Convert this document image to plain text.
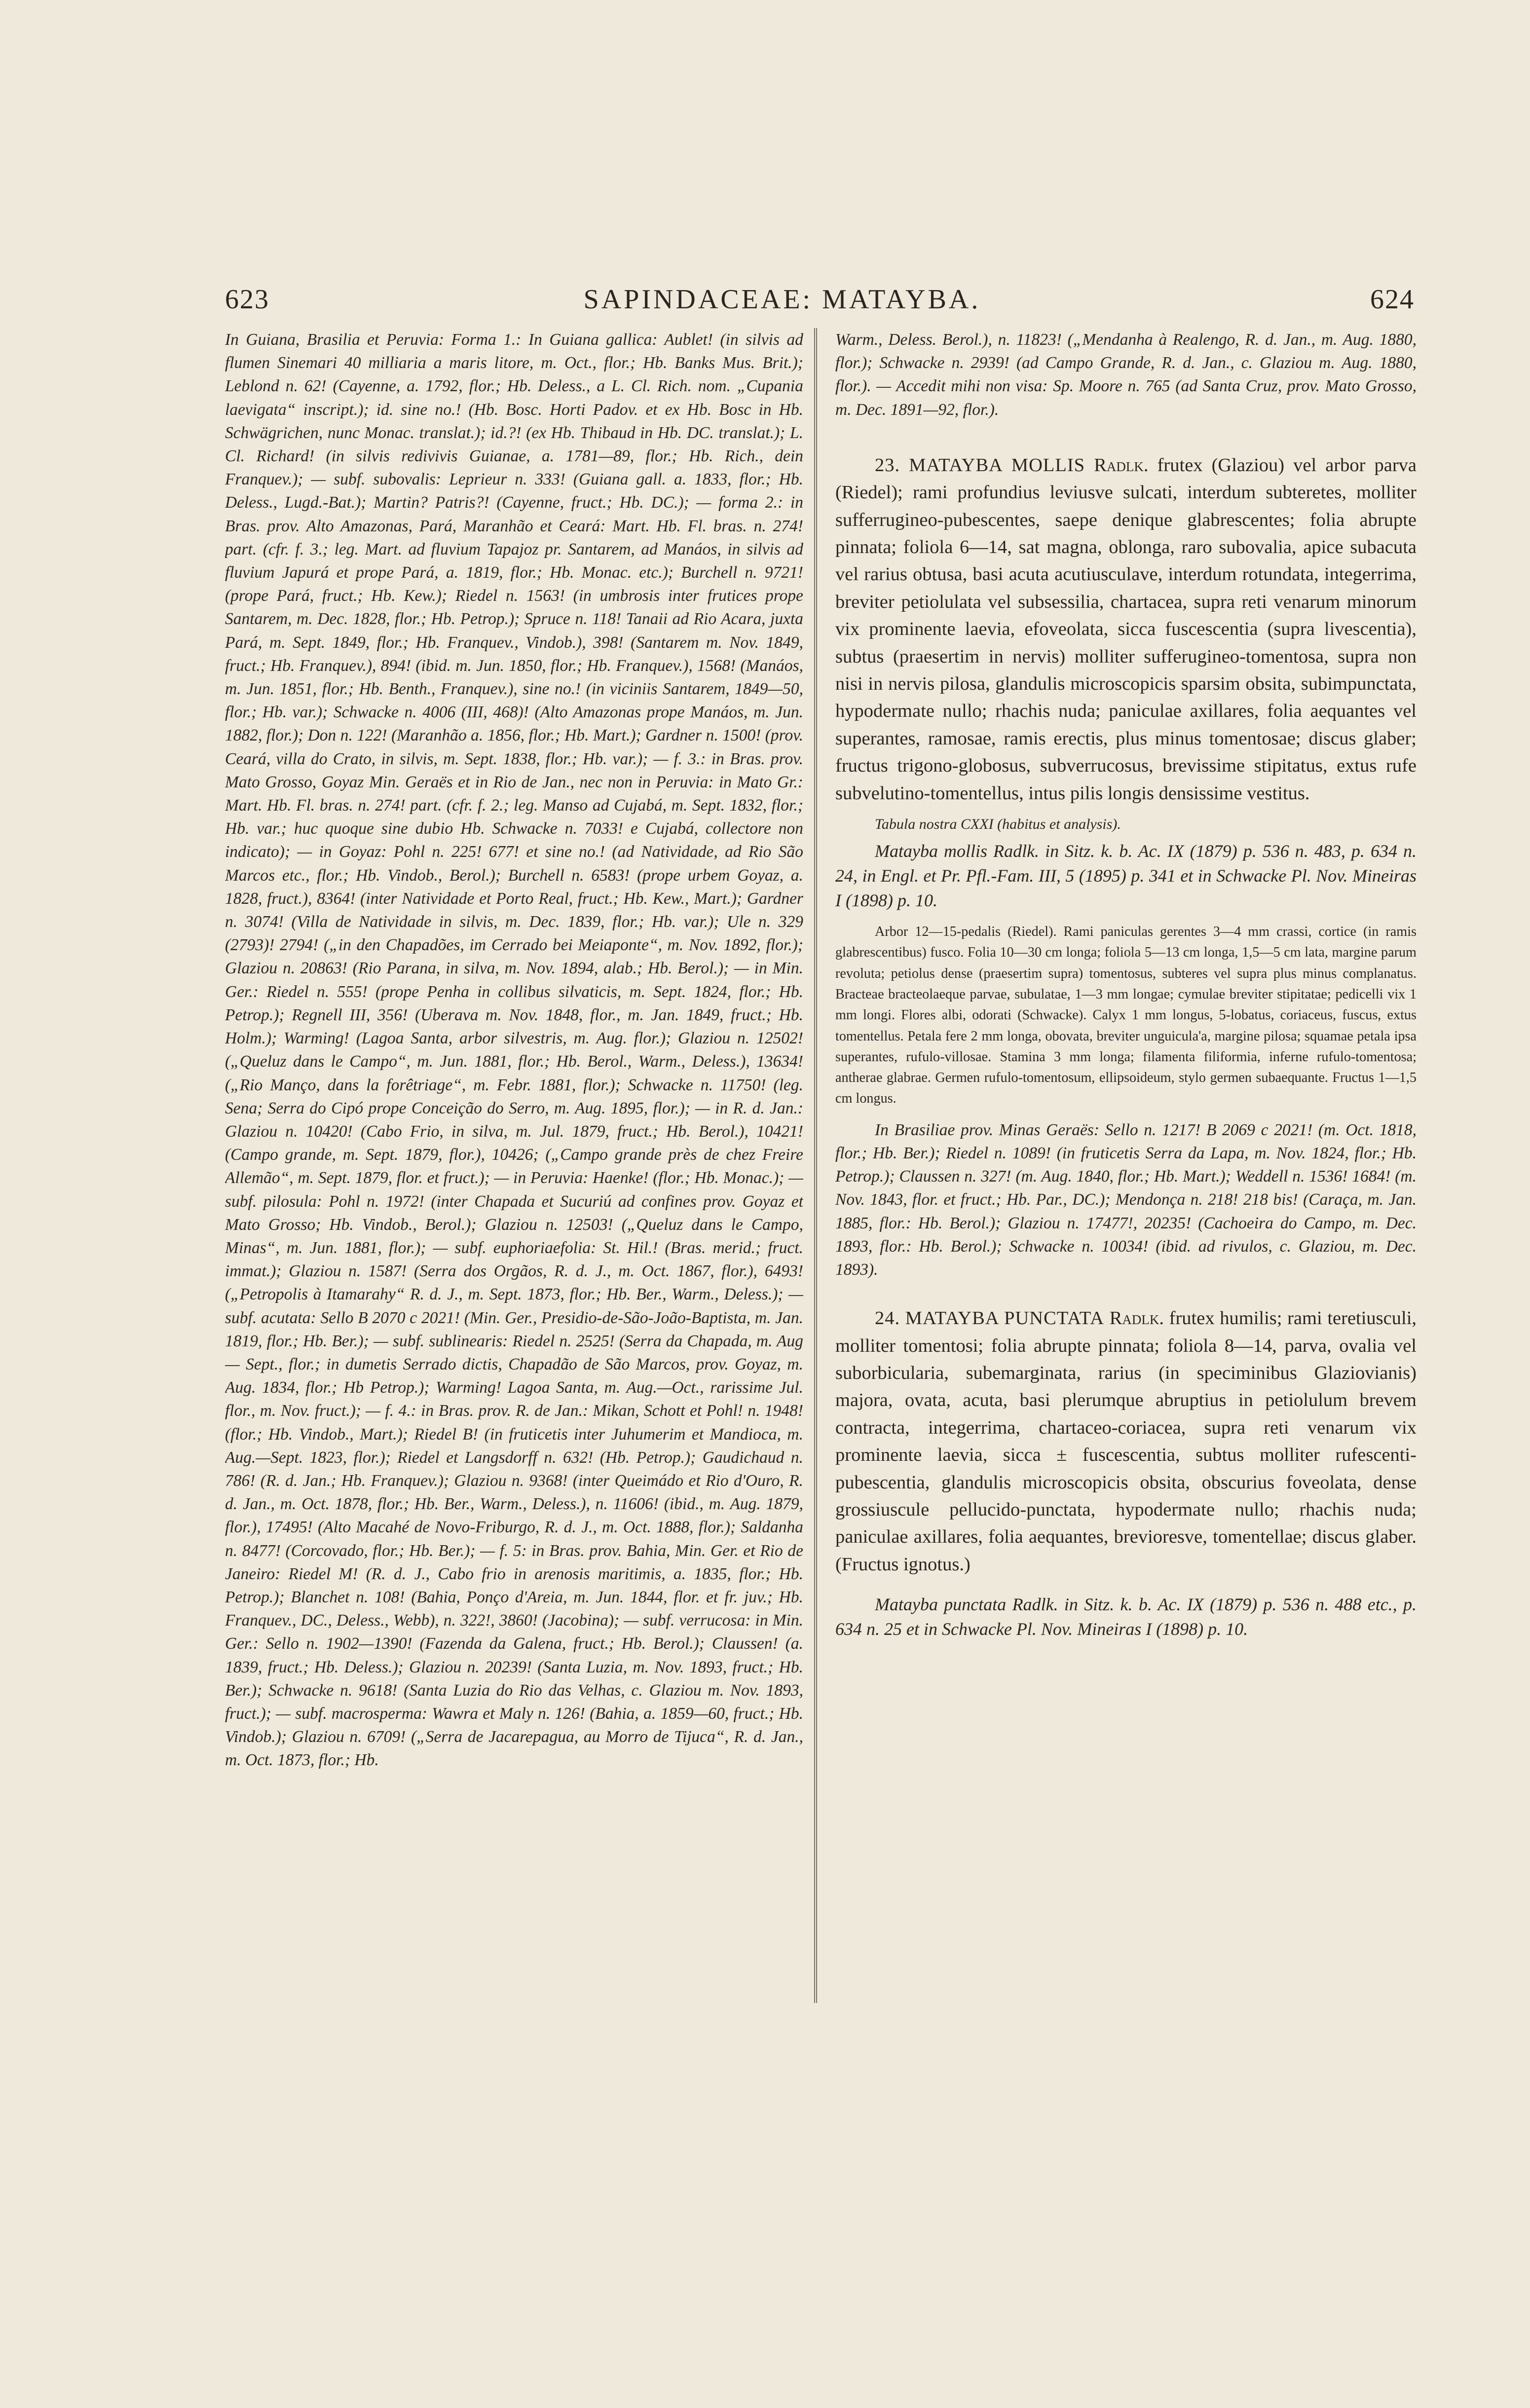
623	SAPINDACEAE: MATAYBA.	624

In Guiana, Brasilia et Peruvia: Forma 1.: In Guiana gallica: Aublet! (in silvis ad flumen Sinemari 40 milliaria a maris litore, m. Oct., flor.; Hb. Banks Mus. Brit.); Leblond n. 62! (Cayenne, a. 1792, flor.; Hb. Deless., a L. Cl. Rich. nom. „Cupania laevigata“ inscript.); id. sine no.! (Hb. Bosc. Horti Padov. et ex Hb. Bosc in Hb. Schwägrichen, nunc Monac. translat.); id.?! (ex Hb. Thibaud in Hb. DC. translat.); L. Cl. Richard! (in silvis redivivis Guianae, a. 1781—89, flor.; Hb. Rich., dein Franquev.); — subf. subovalis: Leprieur n. 333! (Guiana gall. a. 1833, flor.; Hb. Deless., Lugd.-Bat.); Martin? Patris?! (Cayenne, fruct.; Hb. DC.); — forma 2.: in Bras. prov. Alto Amazonas, Pará, Maranhão et Ceará: Mart. Hb. Fl. bras. n. 274! part. (cfr. f. 3.; leg. Mart. ad fluvium Tapajoz pr. Santarem, ad Manáos, in silvis ad fluvium Japurá et prope Pará, a. 1819, flor.; Hb. Monac. etc.); Burchell n. 9721! (prope Pará, fruct.; Hb. Kew.); Riedel n. 1563! (in umbrosis inter frutices prope Santarem, m. Dec. 1828, flor.; Hb. Petrop.); Spruce n. 118! Tanaii ad Rio Acara, juxta Pará, m. Sept. 1849, flor.; Hb. Franquev., Vindob.), 398! (Santarem m. Nov. 1849, fruct.; Hb. Franquev.), 894! (ibid. m. Jun. 1850, flor.; Hb. Franquev.), 1568! (Manáos, m. Jun. 1851, flor.; Hb. Benth., Franquev.), sine no.! (in viciniis Santarem, 1849—50, flor.; Hb. var.); Schwacke n. 4006 (III, 468)! (Alto Amazonas prope Manáos, m. Jun. 1882, flor.); Don n. 122! (Maranhão a. 1856, flor.; Hb. Mart.); Gardner n. 1500! (prov. Ceará, villa do Crato, in silvis, m. Sept. 1838, flor.; Hb. var.); — f. 3.: in Bras. prov. Mato Grosso, Goyaz Min. Geraës et in Rio de Jan., nec non in Peruvia: in Mato Gr.: Mart. Hb. Fl. bras. n. 274! part. (cfr. f. 2.; leg. Manso ad Cujabá, m. Sept. 1832, flor.; Hb. var.; huc quoque sine dubio Hb. Schwacke n. 7033! e Cujabá, collectore non indicato); — in Goyaz: Pohl n. 225! 677! et sine no.! (ad Natividade, ad Rio São Marcos etc., flor.; Hb. Vindob., Berol.); Burchell n. 6583! (prope urbem Goyaz, a. 1828, fruct.), 8364! (inter Natividade et Porto Real, fruct.; Hb. Kew., Mart.); Gardner n. 3074! (Villa de Natividade in silvis, m. Dec. 1839, flor.; Hb. var.); Ule n. 329 (2793)! 2794! („in den Chapadões, im Cerrado bei Meiaponte“, m. Nov. 1892, flor.); Glaziou n. 20863! (Rio Parana, in silva, m. Nov. 1894, alab.; Hb. Berol.); — in Min. Ger.: Riedel n. 555! (prope Penha in collibus silvaticis, m. Sept. 1824, flor.; Hb. Petrop.); Regnell III, 356! (Uberava m. Nov. 1848, flor., m. Jan. 1849, fruct.; Hb. Holm.); Warming! (Lagoa Santa, arbor silvestris, m. Aug. flor.); Glaziou n. 12502! („Queluz dans le Campo“, m. Jun. 1881, flor.; Hb. Berol., Warm., Deless.), 13634! („Rio Manço, dans la forêtriage“, m. Febr. 1881, flor.); Schwacke n. 11750! (leg. Sena; Serra do Cipó prope Conceição do Serro, m. Aug. 1895, flor.); — in R. d. Jan.: Glaziou n. 10420! (Cabo Frio, in silva, m. Jul. 1879, fruct.; Hb. Berol.), 10421! (Campo grande, m. Sept. 1879, flor.), 10426; („Campo grande près de chez Freire Allemão“, m. Sept. 1879, flor. et fruct.); — in Peruvia: Haenke! (flor.; Hb. Monac.); — subf. pilosula: Pohl n. 1972! (inter Chapada et Sucuriú ad confines prov. Goyaz et Mato Grosso; Hb. Vindob., Berol.); Glaziou n. 12503! („Queluz dans le Campo, Minas“, m. Jun. 1881, flor.); — subf. euphoriaefolia: St. Hil.! (Bras. merid.; fruct. immat.); Glaziou n. 1587! (Serra dos Orgãos, R. d. J., m. Oct. 1867, flor.), 6493! („Petropolis à Itamarahy“ R. d. J., m. Sept. 1873, flor.; Hb. Ber., Warm., Deless.); — subf. acutata: Sello B 2070 c 2021! (Min. Ger., Presidio-de-São-João-Baptista, m. Jan. 1819, flor.; Hb. Ber.); — subf. sublinearis: Riedel n. 2525! (Serra da Chapada, m. Aug — Sept., flor.; in dumetis Serrado dictis, Chapadão de São Marcos, prov. Goyaz, m. Aug. 1834, flor.; Hb Petrop.); Warming! Lagoa Santa, m. Aug.—Oct., rarissime Jul. flor., m. Nov. fruct.); — f. 4.: in Bras. prov. R. de Jan.: Mikan, Schott et Pohl! n. 1948! (flor.; Hb. Vindob., Mart.); Riedel B! (in fruticetis inter Juhumerim et Mandioca, m. Aug.—Sept. 1823, flor.); Riedel et Langsdorff n. 632! (Hb. Petrop.); Gaudichaud n. 786! (R. d. Jan.; Hb. Franquev.); Glaziou n. 9368! (inter Queimádo et Rio d'Ouro, R. d. Jan., m. Oct. 1878, flor.; Hb. Ber., Warm., Deless.), n. 11606! (ibid., m. Aug. 1879, flor.), 17495! (Alto Macahé de Novo-Friburgo, R. d. J., m. Oct. 1888, flor.); Saldanha n. 8477! (Corcovado, flor.; Hb. Ber.); — f. 5: in Bras. prov. Bahia, Min. Ger. et Rio de Janeiro: Riedel M! (R. d. J., Cabo frio in arenosis maritimis, a. 1835, flor.; Hb. Petrop.); Blanchet n. 108! (Bahia, Ponço d'Areia, m. Jun. 1844, flor. et fr. juv.; Hb. Franquev., DC., Deless., Webb), n. 322!, 3860! (Jacobina); — subf. verrucosa: in Min. Ger.: Sello n. 1902—1390! (Fazenda da Galena, fruct.; Hb. Berol.); Claussen! (a. 1839, fruct.; Hb. Deless.); Glaziou n. 20239! (Santa Luzia, m. Nov. 1893, fruct.; Hb. Ber.); Schwacke n. 9618! (Santa Luzia do Rio das Velhas, c. Glaziou m. Nov. 1893, fruct.); — subf. macrosperma: Wawra et Maly n. 126! (Bahia, a. 1859—60, fruct.; Hb. Vindob.); Glaziou n. 6709! („Serra de Jacarepagua, au Morro de Tijuca“, R. d. Jan., m. Oct. 1873, flor.; Hb.

Warm., Deless. Berol.), n. 11823! („Mendanha à Realengo, R. d. Jan., m. Aug. 1880, flor.); Schwacke n. 2939! (ad Campo Grande, R. d. Jan., c. Glaziou m. Aug. 1880, flor.). — Accedit mihi non visa: Sp. Moore n. 765 (ad Santa Cruz, prov. Mato Grosso, m. Dec. 1891—92, flor.).

23. MATAYBA MOLLIS Radlk. frutex (Glaziou) vel arbor parva (Riedel); rami profundius leviusve sulcati, interdum subteretes, molliter sufferrugineo-pubescentes, saepe denique glabrescentes; folia abrupte pinnata; foliola 6—14, sat magna, oblonga, raro subovalia, apice subacuta vel rarius obtusa, basi acuta acutiusculave, interdum rotundata, integerrima, breviter petiolulata vel subsessilia, chartacea, supra reti venarum minorum vix prominente laevia, efoveolata, sicca fuscescentia (supra livescentia), subtus (praesertim in nervis) molliter sufferugineo-tomentosa, supra non nisi in nervis pilosa, glandulis microscopicis sparsim obsita, subimpunctata, hypodermate nullo; rhachis nuda; paniculae axillares, folia aequantes vel superantes, ramosae, ramis erectis, plus minus tomentosae; discus glaber; fructus trigono-globosus, subverrucosus, brevissime stipitatus, extus rufe subvelutino-tomentellus, intus pilis longis densissime vestitus.

Tabula nostra CXXI (habitus et analysis).

Matayba mollis Radlk. in Sitz. k. b. Ac. IX (1879) p. 536 n. 483, p. 634 n. 24, in Engl. et Pr. Pfl.-Fam. III, 5 (1895) p. 341 et in Schwacke Pl. Nov. Mineiras I (1898) p. 10.

Arbor 12—15-pedalis (Riedel). Rami paniculas gerentes 3—4 mm crassi, cortice (in ramis glabrescentibus) fusco. Folia 10—30 cm longa; foliola 5—13 cm longa, 1,5—5 cm lata, margine parum revoluta; petiolus dense (praesertim supra) tomentosus, subteres vel supra plus minus complanatus. Bracteae bracteolaeque parvae, subulatae, 1—3 mm longae; cymulae breviter stipitatae; pedicelli vix 1 mm longi. Flores albi, odorati (Schwacke). Calyx 1 mm longus, 5-lobatus, coriaceus, fuscus, extus tomentellus. Petala fere 2 mm longa, obovata, breviter unguicula'a, margine pilosa; squamae petala ipsa superantes, rufulo-villosae. Stamina 3 mm longa; filamenta filiformia, inferne rufulo-tomentosa; antherae glabrae. Germen rufulo-tomentosum, ellipsoideum, stylo germen subaequante. Fructus 1—1,5 cm longus.

In Brasiliae prov. Minas Geraës: Sello n. 1217! B 2069 c 2021! (m. Oct. 1818, flor.; Hb. Ber.); Riedel n. 1089! (in fruticetis Serra da Lapa, m. Nov. 1824, flor.; Hb. Petrop.); Claussen n. 327! (m. Aug. 1840, flor.; Hb. Mart.); Weddell n. 1536! 1684! (m. Nov. 1843, flor. et fruct.; Hb. Par., DC.); Mendonça n. 218! 218 bis! (Caraça, m. Jan. 1885, flor.: Hb. Berol.); Glaziou n. 17477!, 20235! (Cachoeira do Campo, m. Dec. 1893, flor.: Hb. Berol.); Schwacke n. 10034! (ibid. ad rivulos, c. Glaziou, m. Dec. 1893).

24. MATAYBA PUNCTATA Radlk. frutex humilis; rami teretiusculi, molliter tomentosi; folia abrupte pinnata; foliola 8—14, parva, ovalia vel suborbicularia, subemarginata, rarius (in speciminibus Glaziovianis) majora, ovata, acuta, basi plerumque abruptius in petiolulum brevem contracta, integerrima, chartaceo-coriacea, supra reti venarum vix prominente laevia, sicca ± fuscescentia, subtus molliter rufescenti-pubescentia, glandulis microscopicis obsita, obscurius foveolata, dense grossiuscule pellucido-punctata, hypodermate nullo; rhachis nuda; paniculae axillares, folia aequantes, brevioresve, tomentellae; discus glaber. (Fructus ignotus.)

Matayba punctata Radlk. in Sitz. k. b. Ac. IX (1879) p. 536 n. 488 etc., p. 634 n. 25 et in Schwacke Pl. Nov. Mineiras I (1898) p. 10.
